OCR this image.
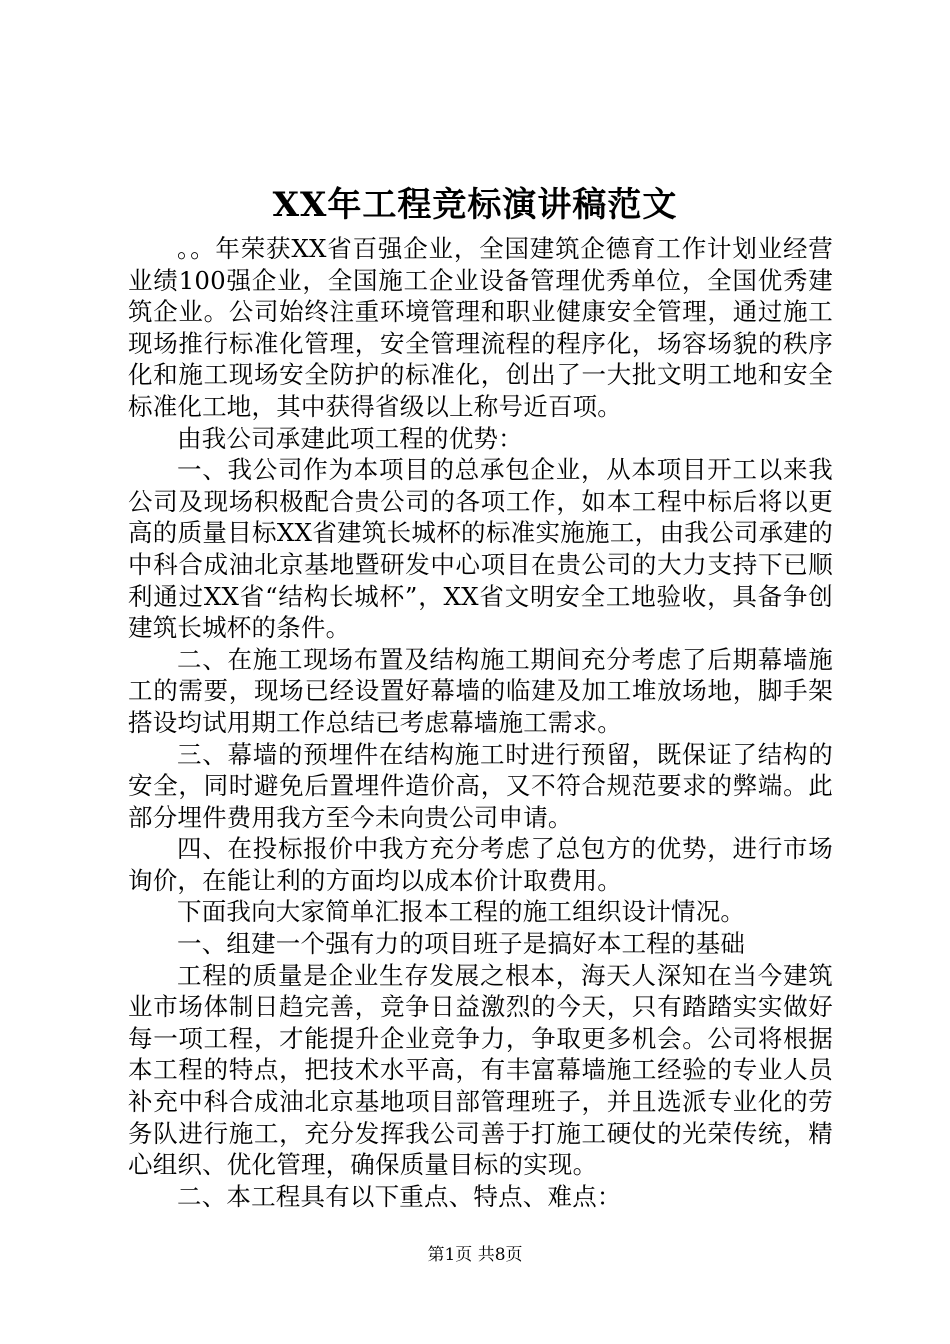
XX年工程竞标演讲稿范文

。。年荣获XX省百强企业，全国建筑企德育工作计划业经营业绩100强企业，全国施工企业设备管理优秀单位，全国优秀建筑企业。公司始终注重环境管理和职业健康安全管理，通过施工现场推行标准化管理，安全管理流程的程序化，场容场貌的秩序化和施工现场安全防护的标准化，创出了一大批文明工地和安全标准化工地，其中获得省级以上称号近百项。

由我公司承建此项工程的优势：

一、我公司作为本项目的总承包企业，从本项目开工以来我公司及现场积极配合贵公司的各项工作，如本工程中标后将以更高的质量目标XX省建筑长城杯的标准实施施工，由我公司承建的中科合成油北京基地暨研发中心项目在贵公司的大力支持下已顺利通过XX省“结构长城杯”，XX省文明安全工地验收，具备争创建筑长城杯的条件。

二、在施工现场布置及结构施工期间充分考虑了后期幕墙施工的需要，现场已经设置好幕墙的临建及加工堆放场地，脚手架搭设均试用期工作总结已考虑幕墙施工需求。

三、幕墙的预埋件在结构施工时进行预留，既保证了结构的安全，同时避免后置埋件造价高，又不符合规范要求的弊端。此部分埋件费用我方至今未向贵公司申请。

四、在投标报价中我方充分考虑了总包方的优势，进行市场询价，在能让利的方面均以成本价计取费用。

下面我向大家简单汇报本工程的施工组织设计情况。

一、组建一个强有力的项目班子是搞好本工程的基础

工程的质量是企业生存发展之根本，海天人深知在当今建筑业市场体制日趋完善，竞争日益激烈的今天，只有踏踏实实做好每一项工程，才能提升企业竞争力，争取更多机会。公司将根据本工程的特点，把技术水平高，有丰富幕墙施工经验的专业人员补充中科合成油北京基地项目部管理班子，并且选派专业化的劳务队进行施工，充分发挥我公司善于打施工硬仗的光荣传统，精心组织、优化管理，确保质量目标的实现。

二、本工程具有以下重点、特点、难点：

第1页 共8页
